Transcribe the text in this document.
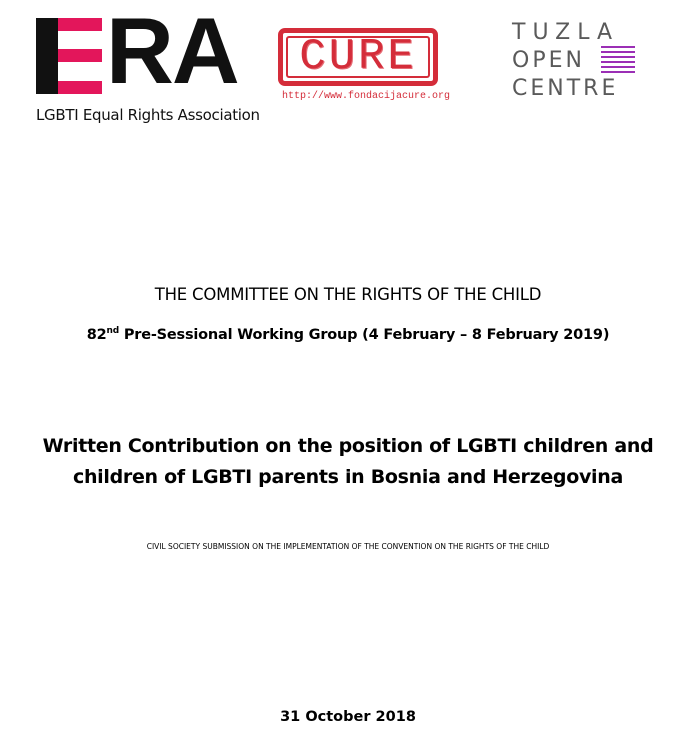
RA
LGBTI Equal Rights Association
CURE
http://www.fondacijacure.org
TUZLA
OPEN
CENTRE
THE COMMITTEE ON THE RIGHTS OF THE CHILD
82nd Pre-Sessional Working Group (4 February – 8 February 2019)
Written Contribution on the position of LGBTI children and
children of LGBTI parents in Bosnia and Herzegovina
CIVIL SOCIETY SUBMISSION ON THE IMPLEMENTATION OF THE CONVENTION ON THE RIGHTS OF THE CHILD
31 October 2018
